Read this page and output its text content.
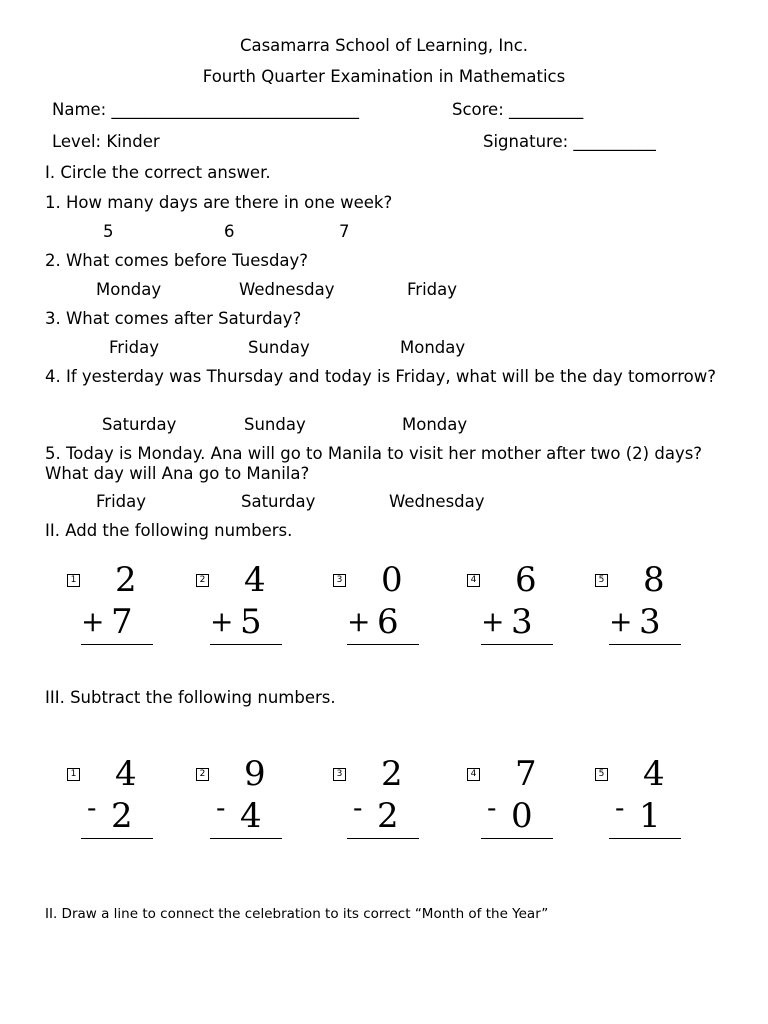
Casamarra School of Learning, Inc.
Fourth Quarter Examination in Mathematics
Name: ______________________________	Score: _________
Level: Kinder	Signature: __________
I. Circle the correct answer.
1. How many days are there in one week?
5	6	7
2. What comes before Tuesday?
Monday	Wednesday	Friday
3. What comes after Saturday?
Friday	Sunday	Monday
4. If yesterday was Thursday and today is Friday, what will be the day tomorrow?
Saturday	Sunday	Monday
5. Today is Monday. Ana will go to Manila to visit her mother after two (2) days? What day will Ana go to Manila?
Friday	Saturday	Wednesday
II. Add the following numbers.
1 2
+ 7
2 4
+ 5
3 0
+ 6
4 6
+ 3
5 8
+ 3
III. Subtract the following numbers.
1 4
- 2
2 9
- 4
3 2
- 2
4 7
- 0
5 4
- 1
II. Draw a line to connect the celebration to its correct “Month of the Year”
